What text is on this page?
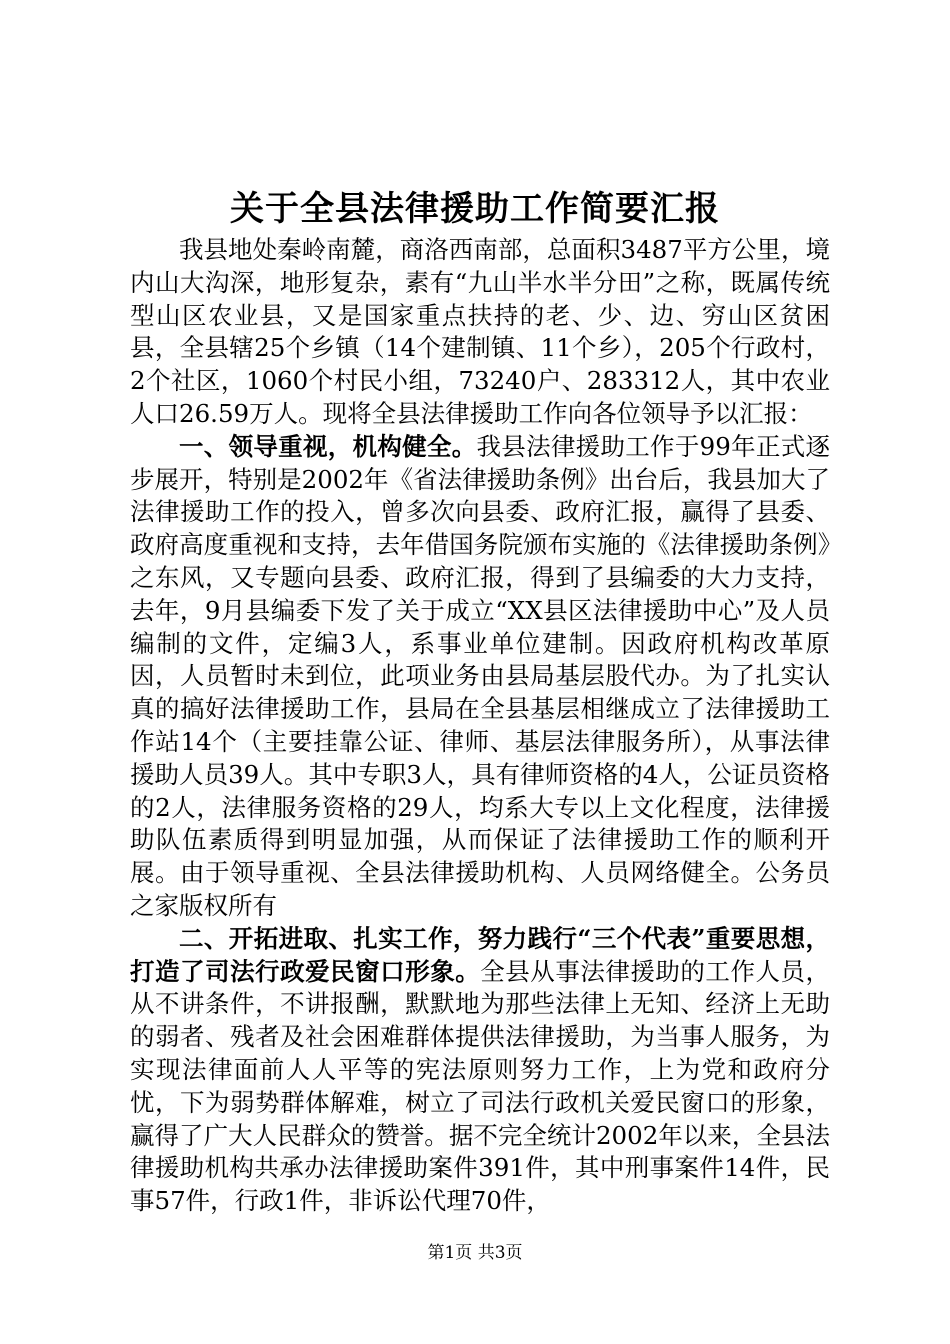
关于全县法律援助工作简要汇报

我县地处秦岭南麓，商洛西南部，总面积3487平方公里，境内山大沟深，地形复杂，素有“九山半水半分田”之称，既属传统型山区农业县，又是国家重点扶持的老、少、边、穷山区贫困县，全县辖25个乡镇（14个建制镇、11个乡），205个行政村，2个社区，1060个村民小组，73240户、283312人，其中农业人口26.59万人。现将全县法律援助工作向各位领导予以汇报：

一、领导重视，机构健全。我县法律援助工作于99年正式逐步展开，特别是2002年《省法律援助条例》出台后，我县加大了法律援助工作的投入，曾多次向县委、政府汇报，赢得了县委、政府高度重视和支持，去年借国务院颁布实施的《法律援助条例》之东风，又专题向县委、政府汇报，得到了县编委的大力支持，去年，9月县编委下发了关于成立“XX县区法律援助中心”及人员编制的文件，定编3人，系事业单位建制。因政府机构改革原因，人员暂时未到位，此项业务由县局基层股代办。为了扎实认真的搞好法律援助工作，县局在全县基层相继成立了法律援助工作站14个（主要挂靠公证、律师、基层法律服务所），从事法律援助人员39人。其中专职3人，具有律师资格的4人，公证员资格的2人，法律服务资格的29人，均系大专以上文化程度，法律援助队伍素质得到明显加强，从而保证了法律援助工作的顺利开展。由于领导重视、全县法律援助机构、人员网络健全。公务员之家版权所有

二、开拓进取、扎实工作，努力践行“三个代表”重要思想，打造了司法行政爱民窗口形象。全县从事法律援助的工作人员，从不讲条件，不讲报酬，默默地为那些法律上无知、经济上无助的弱者、残者及社会困难群体提供法律援助，为当事人服务，为实现法律面前人人平等的宪法原则努力工作，上为党和政府分忧，下为弱势群体解难，树立了司法行政机关爱民窗口的形象，赢得了广大人民群众的赞誉。据不完全统计2002年以来，全县法律援助机构共承办法律援助案件391件，其中刑事案件14件，民事57件，行政1件，非诉讼代理70件，

第1页 共3页
